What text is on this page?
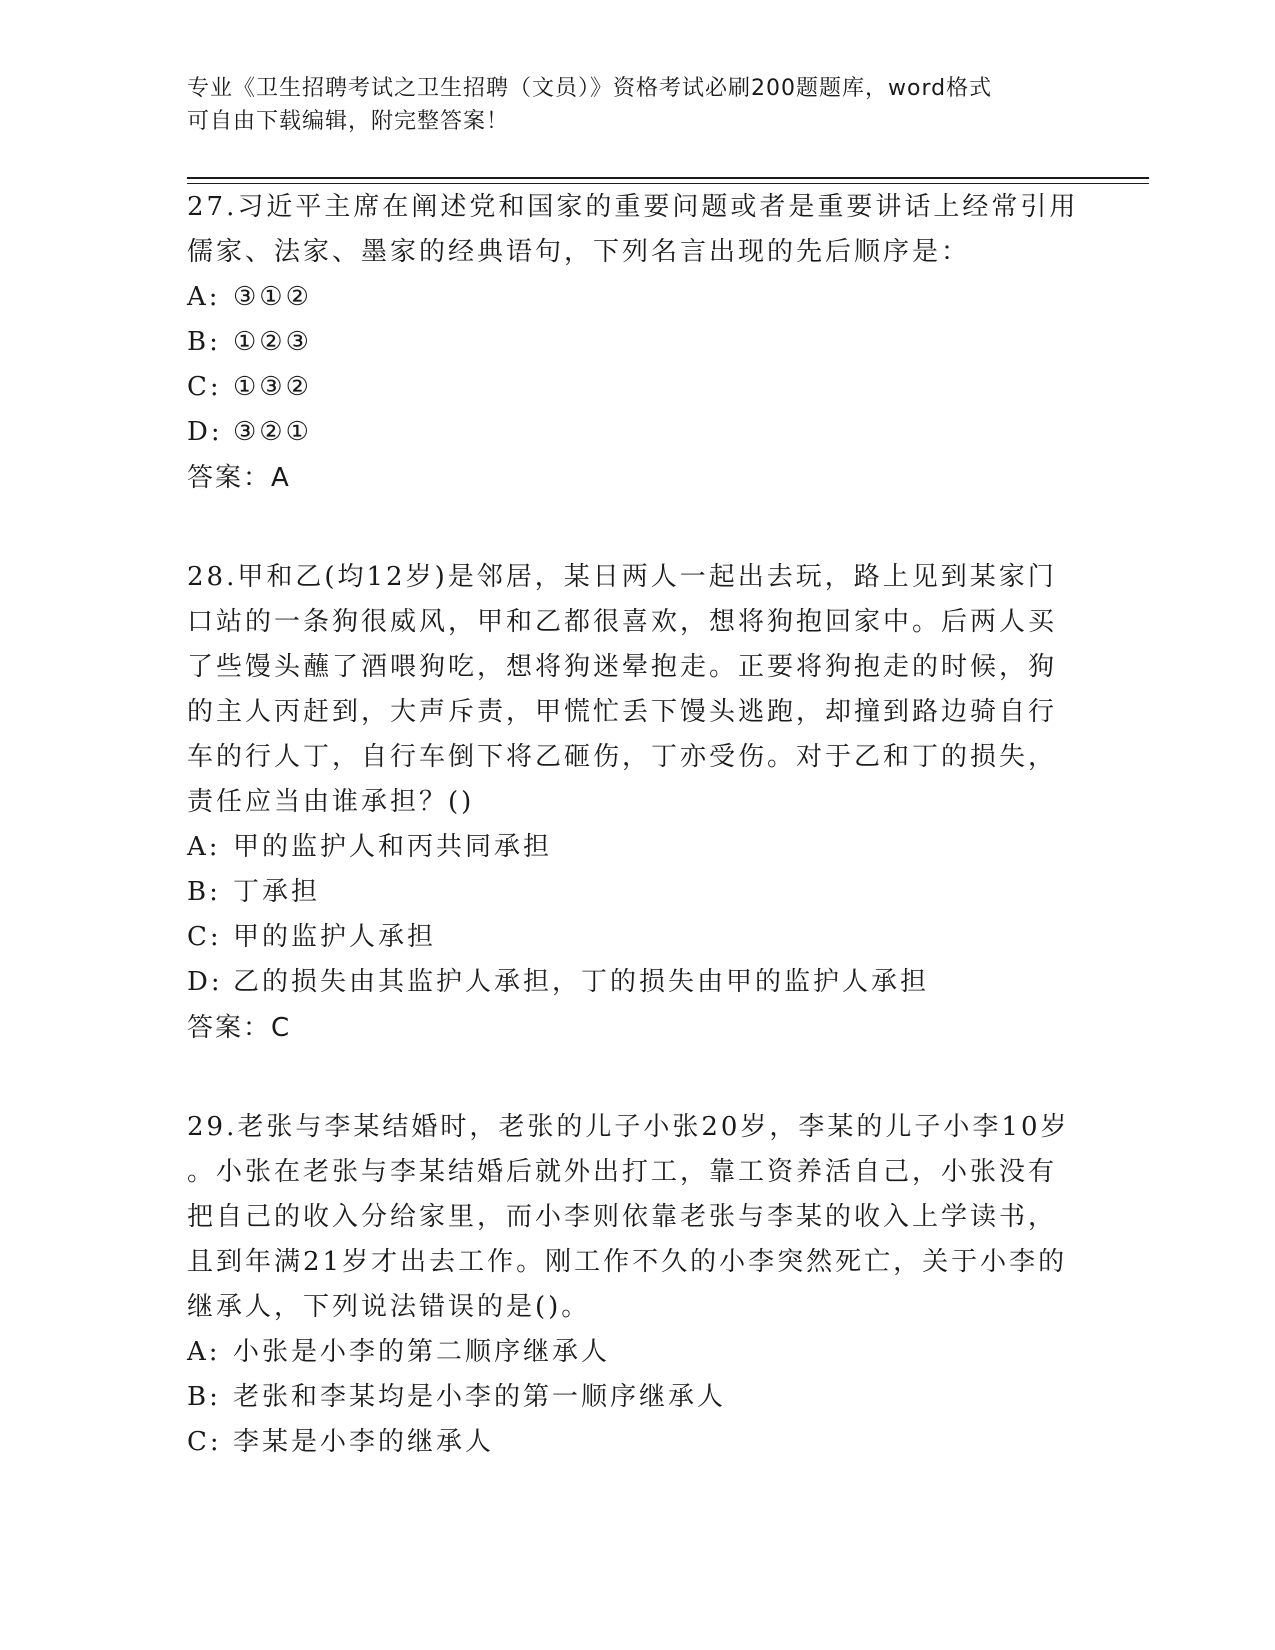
专业《卫生招聘考试之卫生招聘（文员）》资格考试必刷200题题库，word格式
可自由下载编辑，附完整答案！
27.习近平主席在阐述党和国家的重要问题或者是重要讲话上经常引用
儒家、法家、墨家的经典语句，下列名言出现的先后顺序是：
A: ③①②
B: ①②③
C: ①③②
D: ③②①
答案：A
28.甲和乙(均12岁)是邻居，某日两人一起出去玩，路上见到某家门
口站的一条狗很威风，甲和乙都很喜欢，想将狗抱回家中。后两人买
了些馒头蘸了酒喂狗吃，想将狗迷晕抱走。正要将狗抱走的时候，狗
的主人丙赶到，大声斥责，甲慌忙丢下馒头逃跑，却撞到路边骑自行
车的行人丁，自行车倒下将乙砸伤，丁亦受伤。对于乙和丁的损失，
责任应当由谁承担？()
A: 甲的监护人和丙共同承担
B: 丁承担
C: 甲的监护人承担
D: 乙的损失由其监护人承担，丁的损失由甲的监护人承担
答案：C
29.老张与李某结婚时，老张的儿子小张20岁，李某的儿子小李10岁
。小张在老张与李某结婚后就外出打工，靠工资养活自己，小张没有
把自己的收入分给家里，而小李则依靠老张与李某的收入上学读书，
且到年满21岁才出去工作。刚工作不久的小李突然死亡，关于小李的
继承人，下列说法错误的是()。
A: 小张是小李的第二顺序继承人
B: 老张和李某均是小李的第一顺序继承人
C: 李某是小李的继承人
